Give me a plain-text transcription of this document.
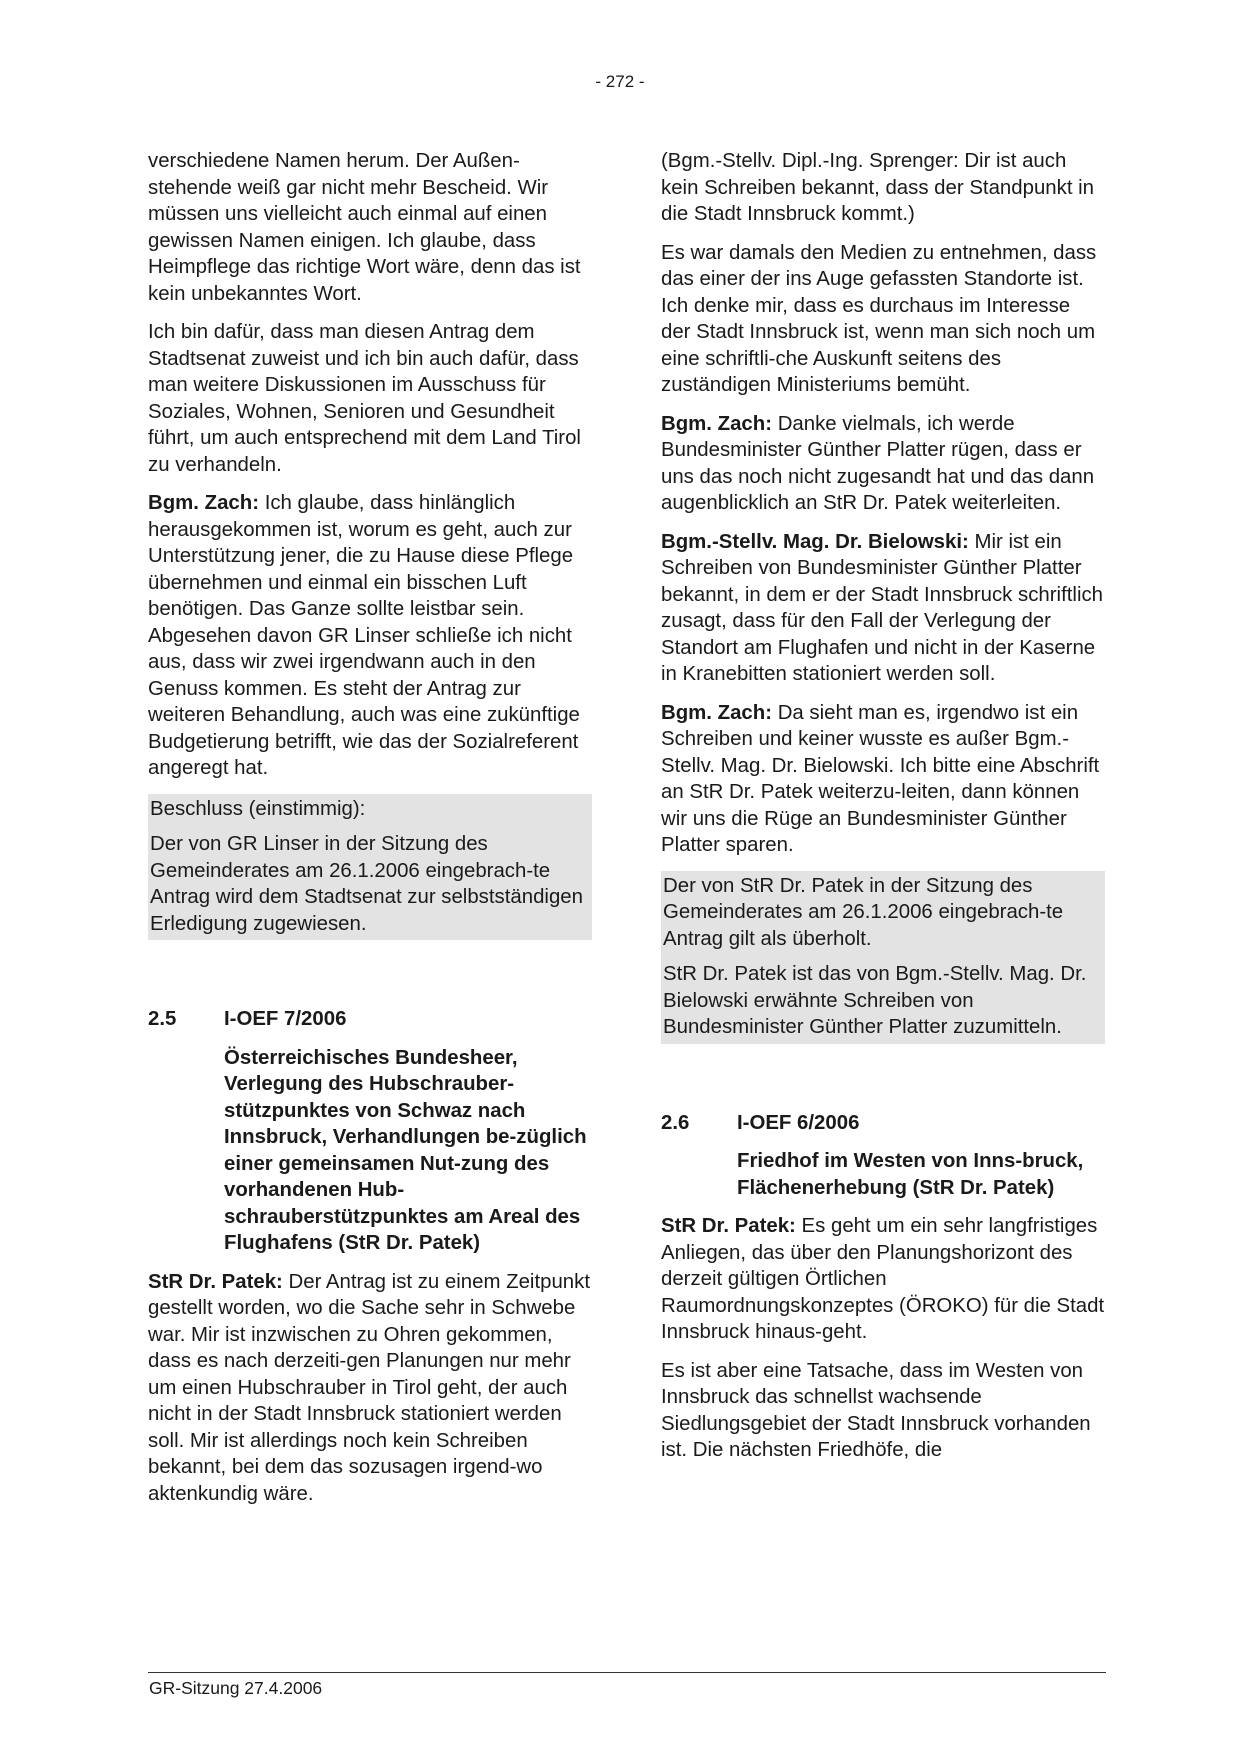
- 272 -

verschiedene Namen herum. Der Außen-stehende weiß gar nicht mehr Bescheid. Wir müssen uns vielleicht auch einmal auf einen gewissen Namen einigen. Ich glaube, dass Heimpflege das richtige Wort wäre, denn das ist kein unbekanntes Wort.

Ich bin dafür, dass man diesen Antrag dem Stadtsenat zuweist und ich bin auch dafür, dass man weitere Diskussionen im Ausschuss für Soziales, Wohnen, Senioren und Gesundheit führt, um auch entsprechend mit dem Land Tirol zu verhandeln.

Bgm. Zach: Ich glaube, dass hinlänglich herausgekommen ist, worum es geht, auch zur Unterstützung jener, die zu Hause diese Pflege übernehmen und einmal ein bisschen Luft benötigen. Das Ganze sollte leistbar sein. Abgesehen davon GR Linser schließe ich nicht aus, dass wir zwei irgendwann auch in den Genuss kommen. Es steht der Antrag zur weiteren Behandlung, auch was eine zukünftige Budgetierung betrifft, wie das der Sozialreferent angeregt hat.

Beschluss (einstimmig):

Der von GR Linser in der Sitzung des Gemeinderates am 26.1.2006 eingebrach-te Antrag wird dem Stadtsenat zur selbstständigen Erledigung zugewiesen.

2.5	I-OEF 7/2006
Österreichisches Bundesheer, Verlegung des Hubschrauber-stützpunktes von Schwaz nach Innsbruck, Verhandlungen be-züglich einer gemeinsamen Nut-zung des vorhandenen Hub-schrauberstützpunktes am Areal des Flughafens (StR Dr. Patek)

StR Dr. Patek: Der Antrag ist zu einem Zeitpunkt gestellt worden, wo die Sache sehr in Schwebe war. Mir ist inzwischen zu Ohren gekommen, dass es nach derzeiti-gen Planungen nur mehr um einen Hubschrauber in Tirol geht, der auch nicht in der Stadt Innsbruck stationiert werden soll. Mir ist allerdings noch kein Schreiben bekannt, bei dem das sozusagen irgend-wo aktenkundig wäre.

(Bgm.-Stellv. Dipl.-Ing. Sprenger: Dir ist auch kein Schreiben bekannt, dass der Standpunkt in die Stadt Innsbruck kommt.)

Es war damals den Medien zu entnehmen, dass das einer der ins Auge gefassten Standorte ist. Ich denke mir, dass es durchaus im Interesse der Stadt Innsbruck ist, wenn man sich noch um eine schriftli-che Auskunft seitens des zuständigen Ministeriums bemüht.

Bgm. Zach: Danke vielmals, ich werde Bundesminister Günther Platter rügen, dass er uns das noch nicht zugesandt hat und das dann augenblicklich an StR Dr. Patek weiterleiten.

Bgm.-Stellv. Mag. Dr. Bielowski: Mir ist ein Schreiben von Bundesminister Günther Platter bekannt, in dem er der Stadt Innsbruck schriftlich zusagt, dass für den Fall der Verlegung der Standort am Flughafen und nicht in der Kaserne in Kranebitten stationiert werden soll.

Bgm. Zach: Da sieht man es, irgendwo ist ein Schreiben und keiner wusste es außer Bgm.-Stellv. Mag. Dr. Bielowski. Ich bitte eine Abschrift an StR Dr. Patek weiterzu-leiten, dann können wir uns die Rüge an Bundesminister Günther Platter sparen.

Der von StR Dr. Patek in der Sitzung des Gemeinderates am 26.1.2006 eingebrach-te Antrag gilt als überholt.

StR Dr. Patek ist das von Bgm.-Stellv. Mag. Dr. Bielowski erwähnte Schreiben von Bundesminister Günther Platter zuzumitteln.

2.6	I-OEF 6/2006
Friedhof im Westen von Inns-bruck, Flächenerhebung (StR Dr. Patek)

StR Dr. Patek: Es geht um ein sehr langfristiges Anliegen, das über den Planungshorizont des derzeit gültigen Örtlichen Raumordnungskonzeptes (ÖROKO) für die Stadt Innsbruck hinaus-geht.

Es ist aber eine Tatsache, dass im Westen von Innsbruck das schnellst wachsende Siedlungsgebiet der Stadt Innsbruck vorhanden ist. Die nächsten Friedhöfe, die

GR-Sitzung 27.4.2006
